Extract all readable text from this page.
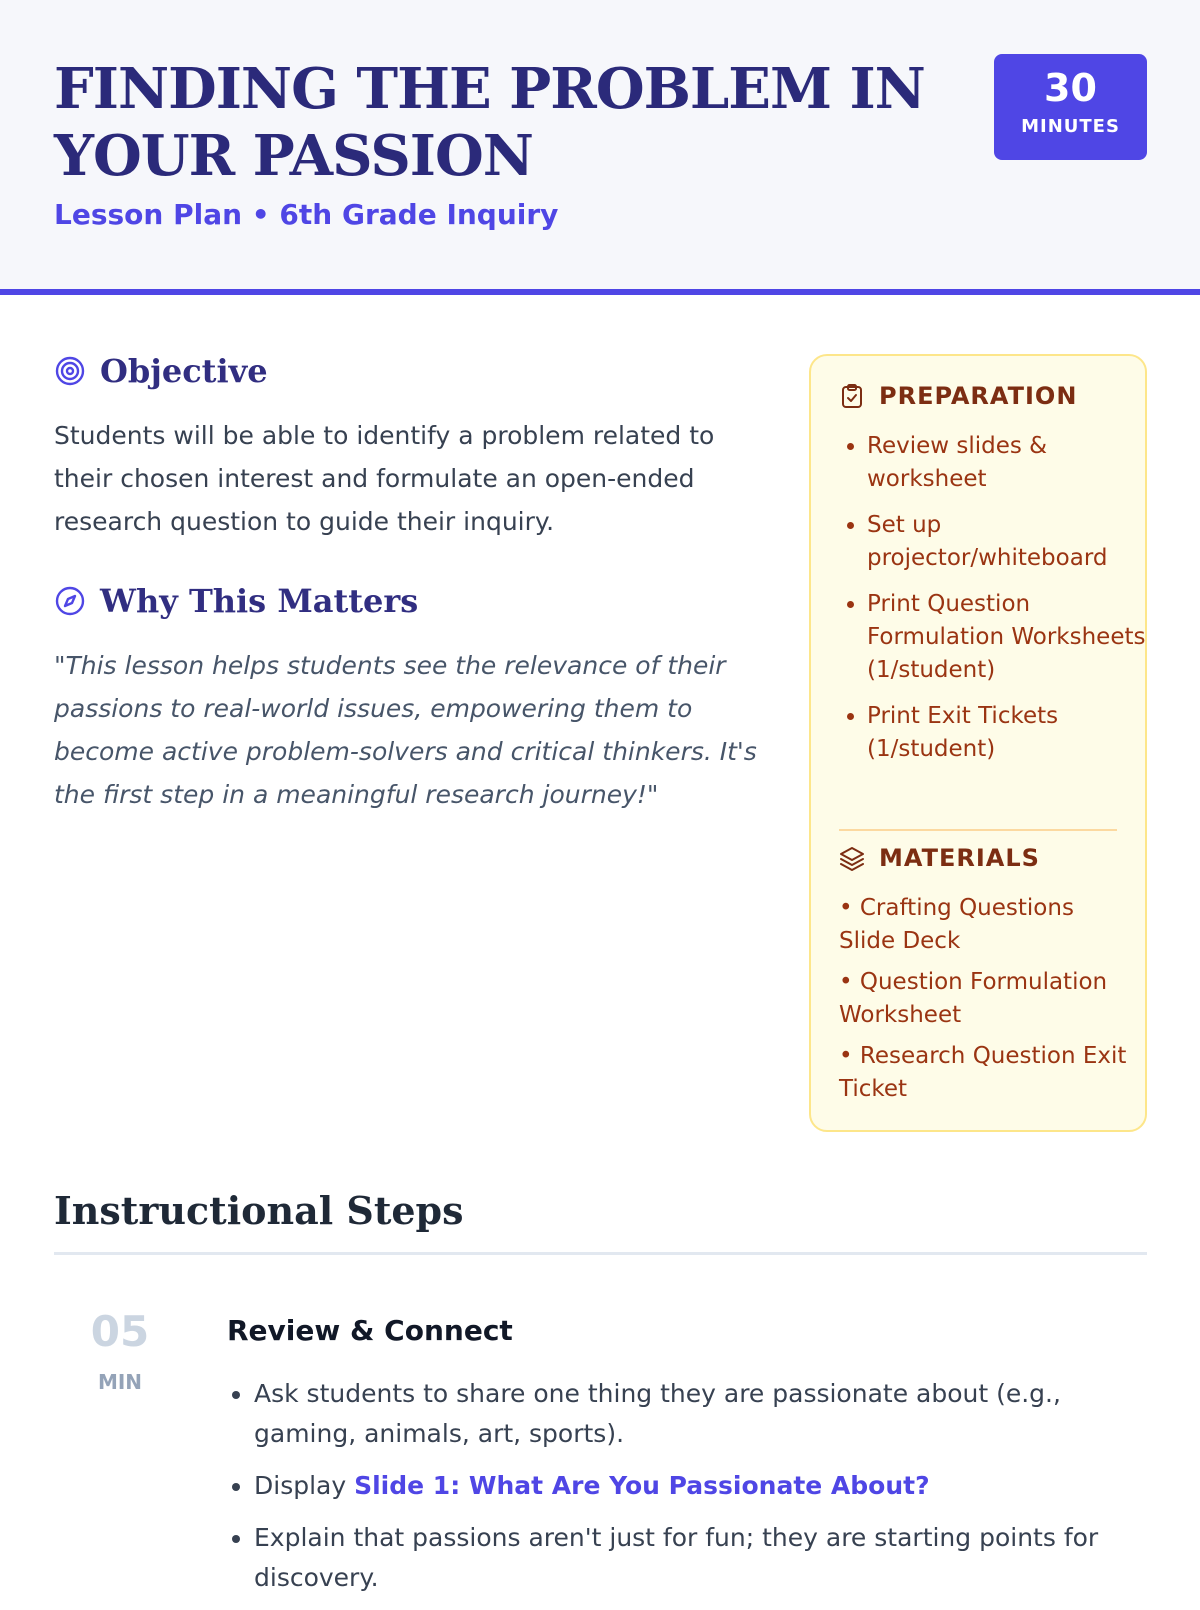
FINDING THE PROBLEM IN YOUR PASSION
Lesson Plan • 6th Grade Inquiry
30
MINUTES
Objective
Students will be able to identify a problem related to their chosen interest and formulate an open-ended research question to guide their inquiry.
Why This Matters
"This lesson helps students see the relevance of their passions to real-world issues, empowering them to become active problem-solvers and critical thinkers. It's the first step in a meaningful research journey!"
PREPARATION
• Review slides & worksheet
• Set up projector/whiteboard
• Print Question Formulation Worksheets (1/student)
• Print Exit Tickets (1/student)
MATERIALS
• Crafting Questions Slide Deck
• Question Formulation Worksheet
• Research Question Exit Ticket
Instructional Steps
05
MIN
Review & Connect
• Ask students to share one thing they are passionate about (e.g., gaming, animals, art, sports).
• Display Slide 1: What Are You Passionate About?
• Explain that passions aren't just for fun; they are starting points for discovery.
